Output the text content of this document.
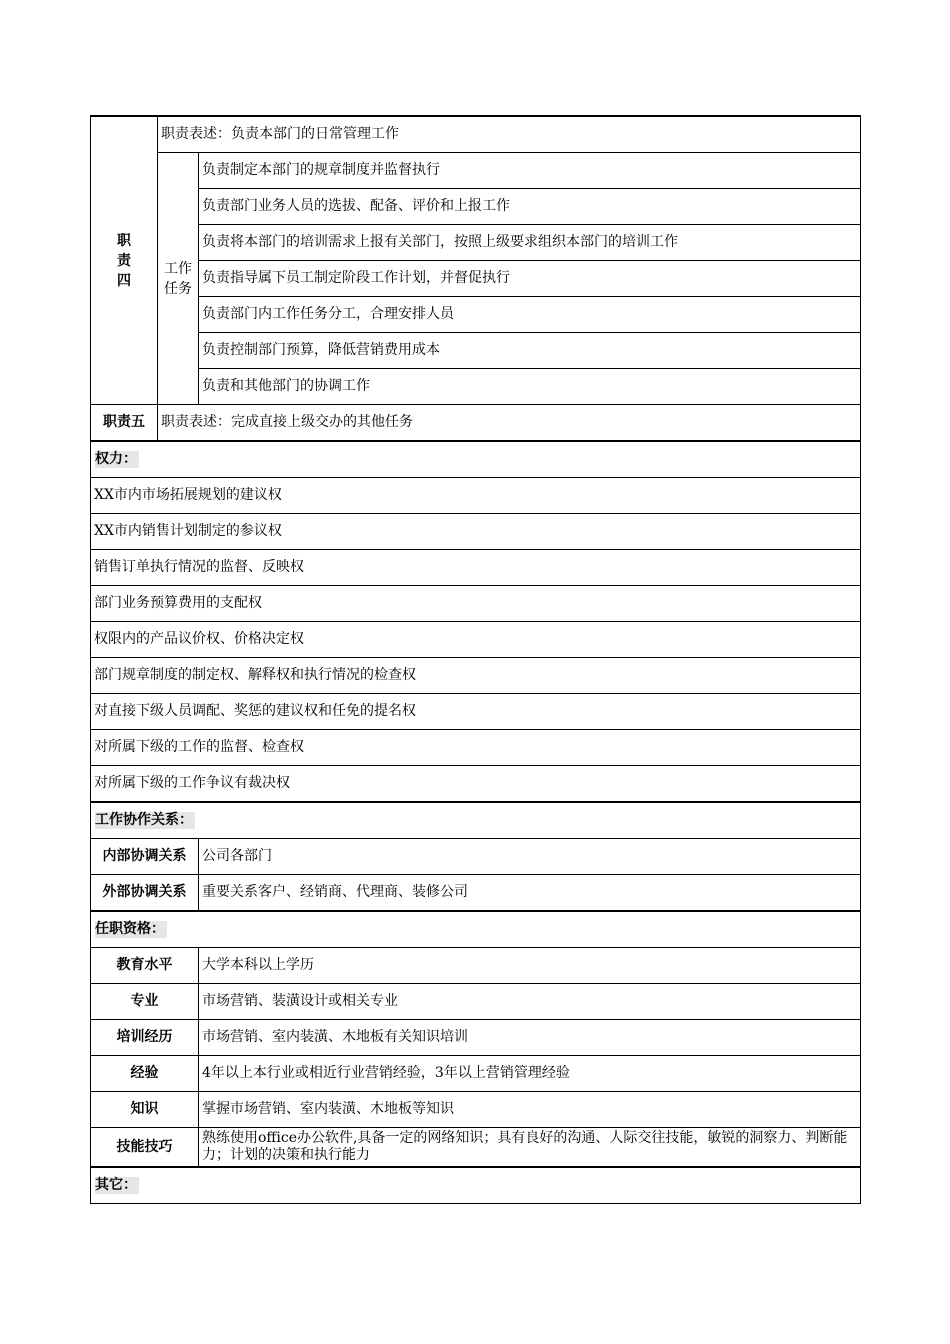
职
责
四	职责表述：负责本部门的日常管理工作	
	工作
任务	负责制定本部门的规章制度并监督执行
		负责部门业务人员的选拔、配备、评价和上报工作
		负责将本部门的培训需求上报有关部门，按照上级要求组织本部门的培训工作
		负责指导属下员工制定阶段工作计划，并督促执行
		负责部门内工作任务分工，合理安排人员
		负责控制部门预算，降低营销费用成本
		负责和其他部门的协调工作
职责五	职责表述：完成直接上级交办的其他任务	
权力：		
XX市内市场拓展规划的建议权		
XX市内销售计划制定的参议权		
销售订单执行情况的监督、反映权		
部门业务预算费用的支配权		
权限内的产品议价权、价格决定权		
部门规章制度的制定权、解释权和执行情况的检查权		
对直接下级人员调配、奖惩的建议权和任免的提名权		
对所属下级的工作的监督、检查权		
对所属下级的工作争议有裁决权		
工作协作关系：		
内部协调关系		公司各部门
外部协调关系		重要关系客户、经销商、代理商、装修公司
任职资格：		
教育水平		大学本科以上学历
专业		市场营销、装潢设计或相关专业
培训经历		市场营销、室内装潢、木地板有关知识培训
经验		4年以上本行业或相近行业营销经验，3年以上营销管理经验
知识		掌握市场营销、室内装潢、木地板等知识
技能技巧		熟练使用office办公软件,具备一定的网络知识；具有良好的沟通、人际交往技能，敏锐的洞察力、判断能力；计划的决策和执行能力
其它：		
